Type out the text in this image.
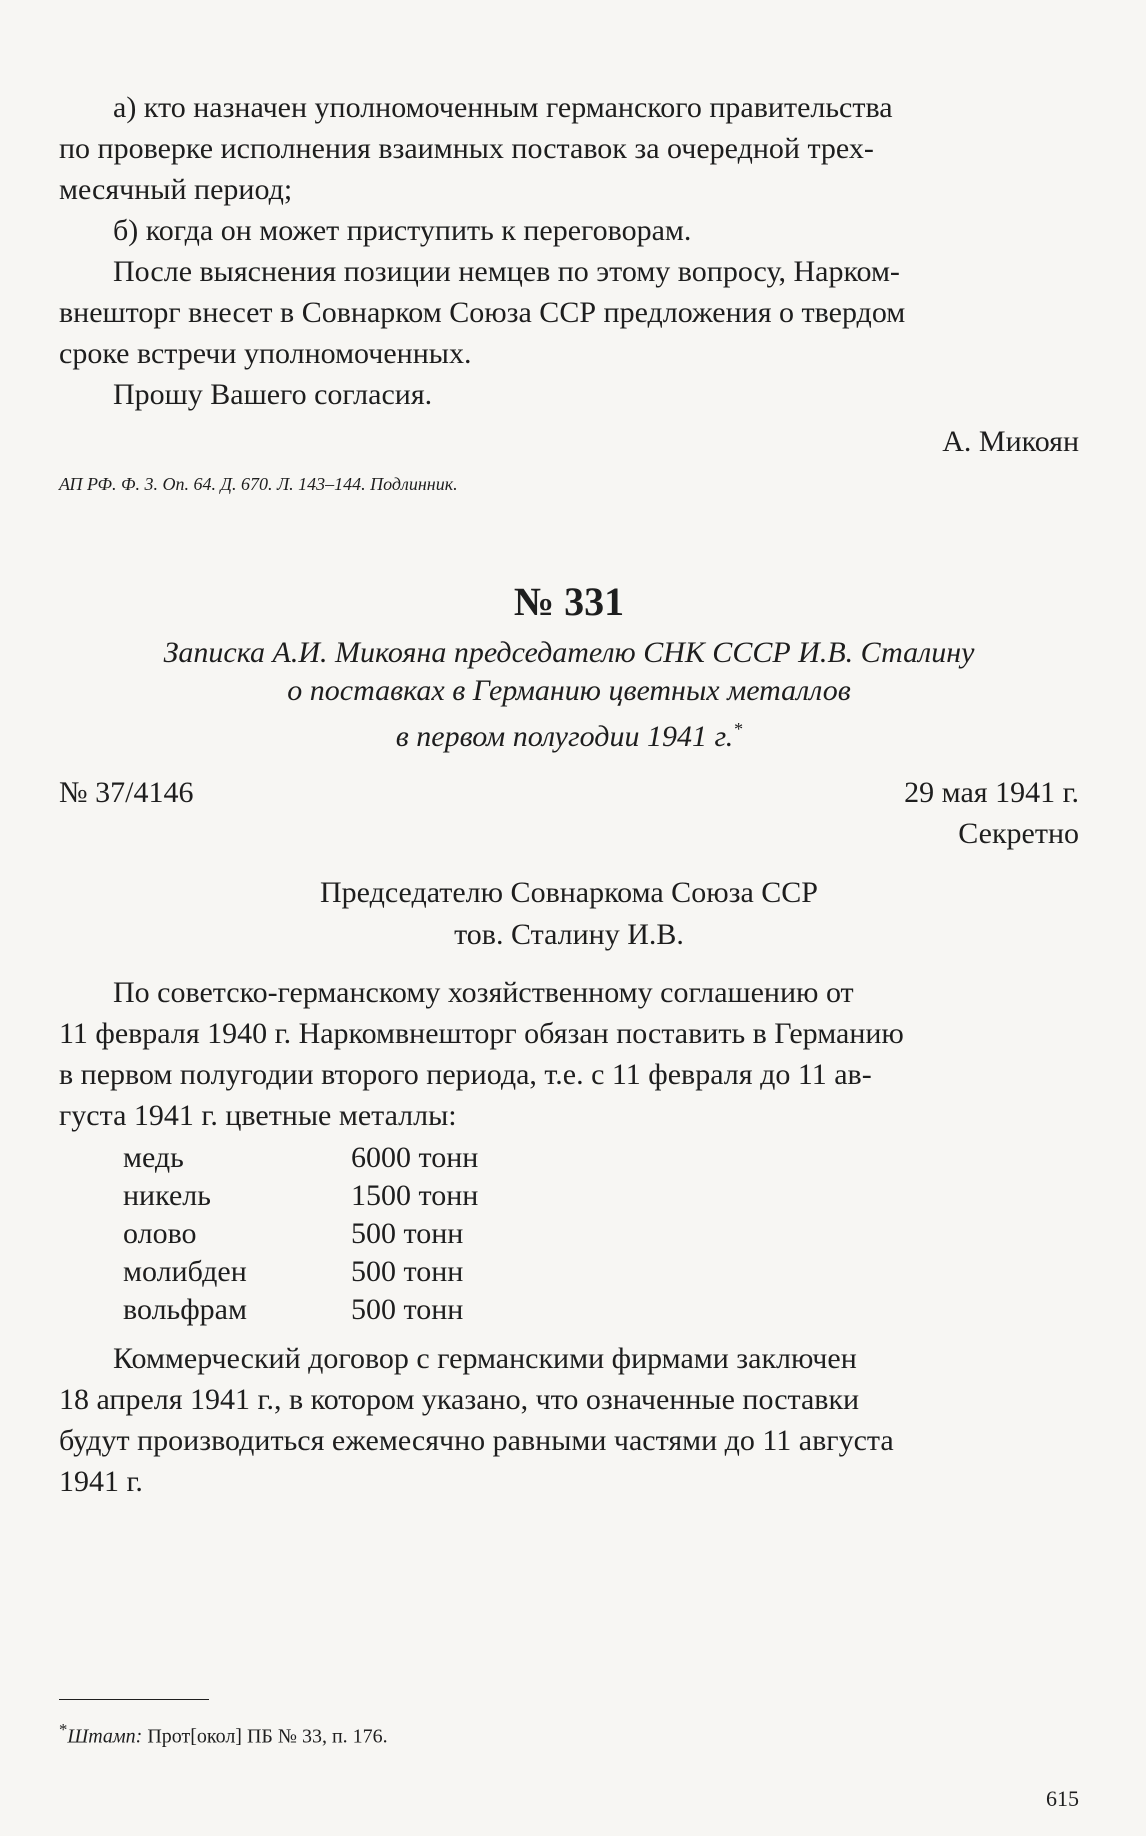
а) кто назначен уполномоченным германского правительства
по проверке исполнения взаимных поставок за очередной трех-
месячный период;

б) когда он может приступить к переговорам.

После выяснения позиции немцев по этому вопросу, Нарком-
внешторг внесет в Совнарком Союза ССР предложения о твердом
сроке встречи уполномоченных.

Прошу Вашего согласия.

А. Микоян

АП РФ. Ф. 3. Оп. 64. Д. 670. Л. 143–144. Подлинник.

№ 331

Записка А.И. Микояна председателю СНК СССР И.В. Сталину
о поставках в Германию цветных металлов
в первом полугодии 1941 г.*
№ 37/4146	29 мая 1941 г.

Секретно

Председателю Совнаркома Союза ССР
тов. Сталину И.В.

По советско-германскому хозяйственному соглашению от
11 февраля 1940 г. Наркомвнешторг обязан поставить в Германию
в первом полугодии второго периода, т.е. с 11 февраля до 11 ав-
густа 1941 г. цветные металлы:

медь	6000 тонн
никель	1500 тонн
олово	500 тонн
молибден	500 тонн
вольфрам	500 тонн

Коммерческий договор с германскими фирмами заключен
18 апреля 1941 г., в котором указано, что означенные поставки
будут производиться ежемесячно равными частями до 11 августа
1941 г.

*Штамп: Прот[окол] ПБ № 33, п. 176.

615
